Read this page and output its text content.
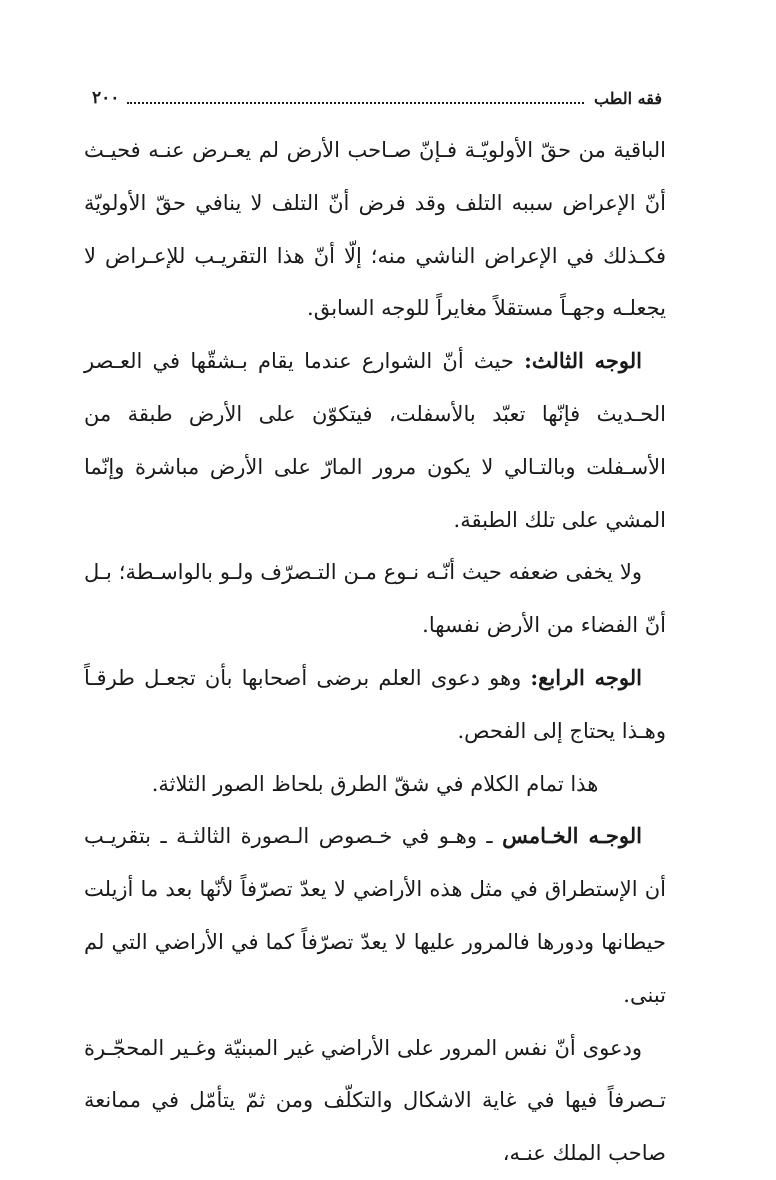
فقه الطب
٢٠٠

الباقية من حقّ الأولويّـة فـإنّ صـاحب الأرض لم يعـرض عنـه فحيـث أنّ الإعراض سببه التلف وقد فرض أنّ التلف لا ينافي حقّ الأولويّة فكـذلك في الإعراض الناشي منه؛ إلّا أنّ هذا التقريـب للإعـراض لا يجعلـه وجهـاً مستقلاً مغايراً للوجه السابق.

الوجه الثالث: حيث أنّ الشوارع عندما يقام بـشقّها في العـصر الحـديث فإنّها تعبّد بالأسفلت، فيتكوّن على الأرض طبقة من الأسـفلت وبالتـالي لا يكون مرور المارّ على الأرض مباشرة وإنّما المشي على تلك الطبقة.

ولا يخفى ضعفه حيث أنّـه نـوع مـن التـصرّف ولـو بالواسـطة؛ بـل أنّ الفضاء من الأرض نفسها.

الوجه الرابع: وهو دعوى العلم برضى أصحابها بأن تجعـل طرقـاً وهـذا يحتاج إلى الفحص.

هذا تمام الكلام في شقّ الطرق بلحاظ الصور الثلاثة.

الوجـه الخـامس ـ وهـو في خـصوص الـصورة الثالثـة ـ بتقريـب أن الإستطراق في مثل هذه الأراضي لا يعدّ تصرّفاً لأنّها بعد ما أزيلت حيطانها ودورها فالمرور عليها لا يعدّ تصرّفاً كما في الأراضي التي لم تبنى.

ودعوى أنّ نفس المرور على الأراضي غير المبنيّة وغـير المحجّـرة تـصرفاً فيها في غاية الاشكال والتكلّف ومن ثمّ يتأمّل في ممانعة صاحب الملك عنـه،
